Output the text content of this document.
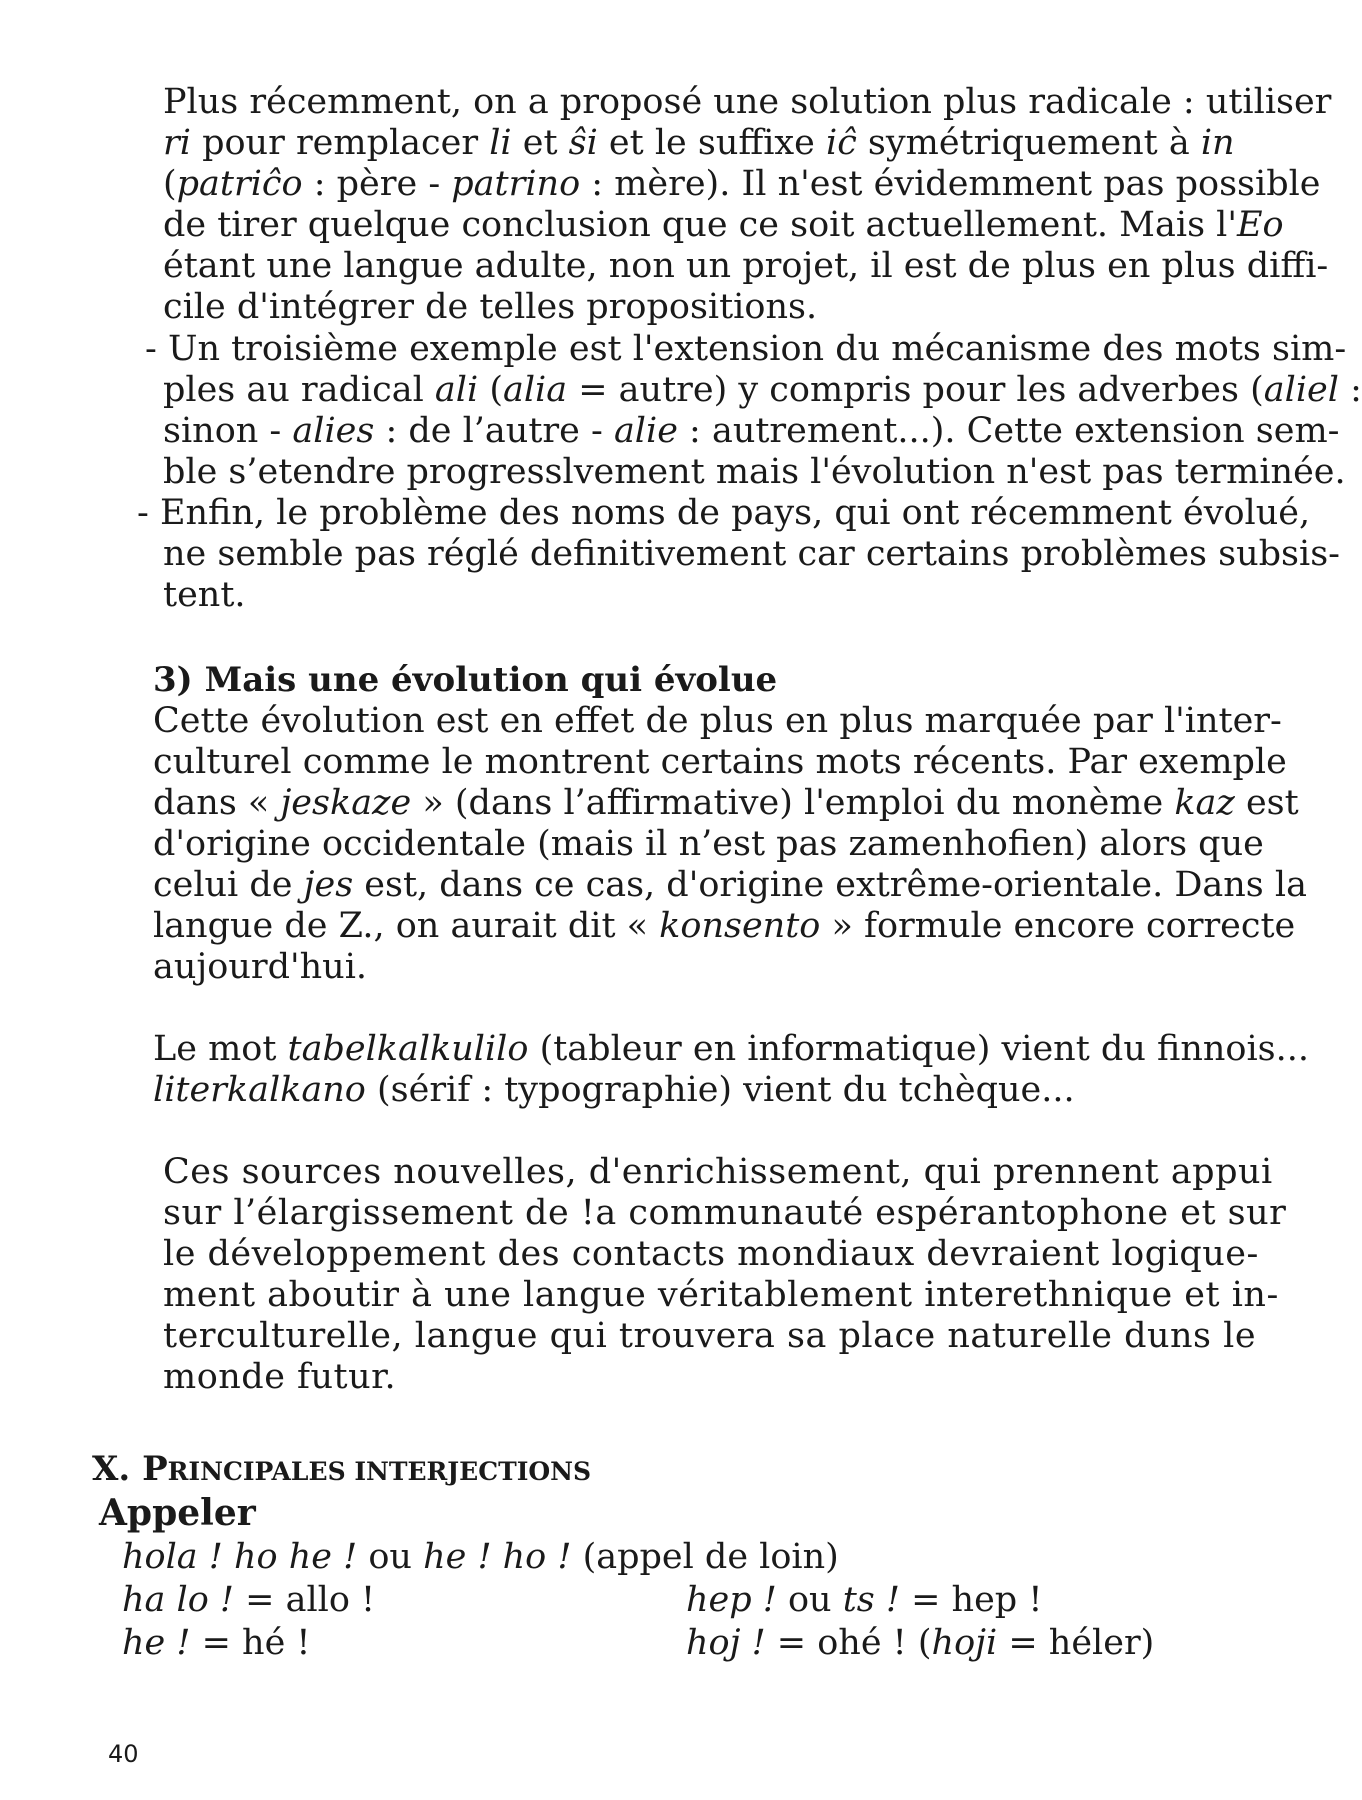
Plus récemment, on a proposé une solution plus radicale : utiliser
ri pour remplacer li et ŝi et le suffixe iĉ symétriquement à in
(patriĉo : père - patrino : mère). Il n'est évidemment pas possible
de tirer quelque conclusion que ce soit actuellement. Mais l'Eo
étant une langue adulte, non un projet, il est de plus en plus diffi-
cile d'intégrer de telles propositions.
- Un troisième exemple est l'extension du mécanisme des mots sim-
ples au radical ali (alia = autre) y compris pour les adverbes (aliel :
sinon - alies : de l’autre - alie : autrement...). Cette extension sem-
ble s’etendre progresslvement mais l'évolution n'est pas terminée.
- Enfin, le problème des noms de pays, qui ont récemment évolué,
ne semble pas réglé definitivement car certains problèmes subsis-
tent.
3) Mais une évolution qui évolue
Cette évolution est en effet de plus en plus marquée par l'inter-
culturel comme le montrent certains mots récents. Par exemple
dans « jeskaze » (dans l’affirmative) l'emploi du monème kaz est
d'origine occidentale (mais il n’est pas zamenhofien) alors que
celui de jes est, dans ce cas, d'origine extrême-orientale. Dans la
langue de Z., on aurait dit « konsento » formule encore correcte
aujourd'hui.
Le mot tabelkalkulilo (tableur en informatique) vient du finnois...
literkalkano (sérif : typographie) vient du tchèque...
Ces sources nouvelles, d'enrichissement, qui prennent appui
sur l’élargissement de !a communauté espérantophone et sur
le développement des contacts mondiaux devraient logique-
ment aboutir à une langue véritablement interethnique et in-
terculturelle, langue qui trouvera sa place naturelle duns le
monde futur.
X. PRINCIPALES INTERJECTIONS
Appeler
hola ! ho he ! ou he ! ho ! (appel de loin)
ha lo ! = allo !	hep ! ou ts ! = hep !
he ! = hé !	hoj ! = ohé ! (hoji = héler)
40
